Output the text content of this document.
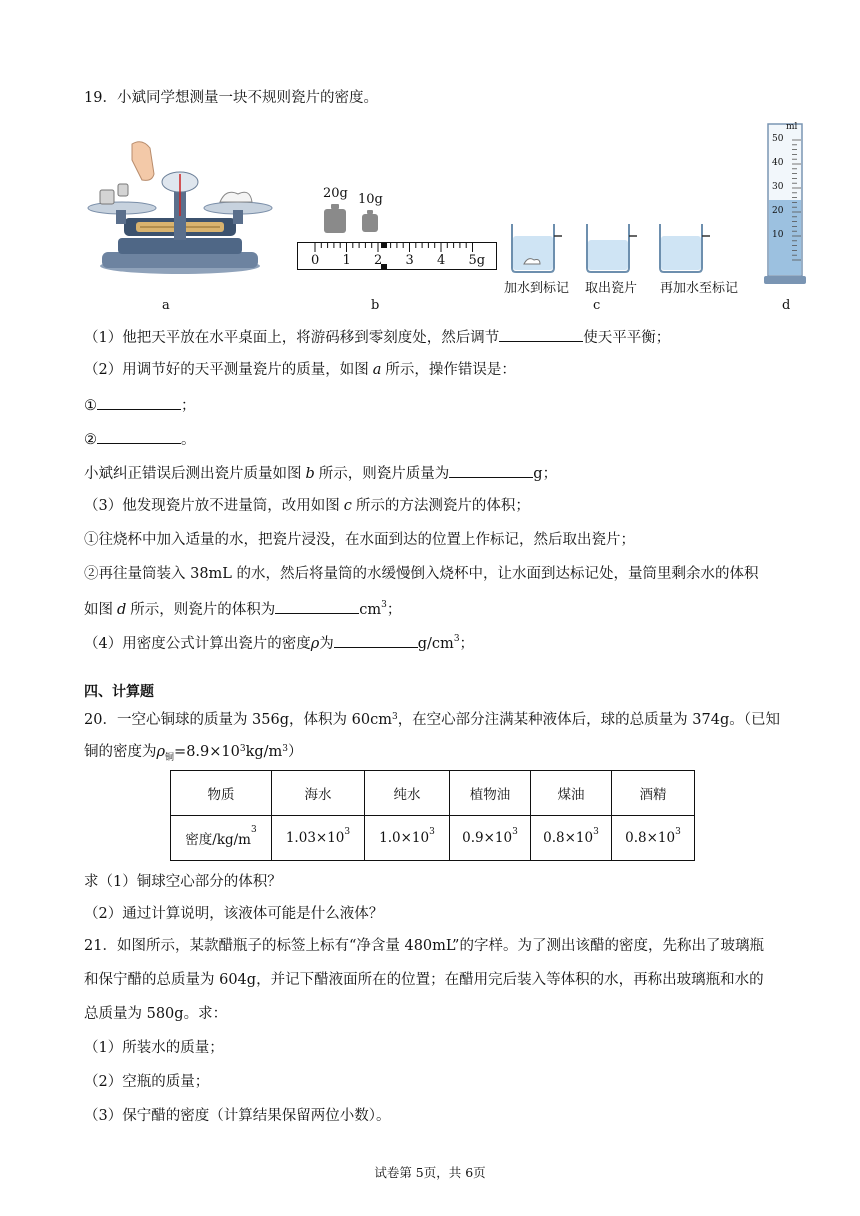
19．小斌同学想测量一块不规则瓷片的密度。
a
20g 10g
0 1 2 3 4 5g
b
加水到标记 取出瓷片 再加水至标记
c
ml
50
40
30
20
10
d
（1）他把天平放在水平桌面上，将游码移到零刻度处，然后调节	使天平平衡；
（2）用调节好的天平测量瓷片的质量，如图 a 所示，操作错误是：
①	；
②	。
小斌纠正错误后测出瓷片质量如图 b 所示，则瓷片质量为	g；
（3）他发现瓷片放不进量筒，改用如图 c 所示的方法测瓷片的体积；
①往烧杯中加入适量的水，把瓷片浸没，在水面到达的位置上作标记，然后取出瓷片；
②再往量筒装入 38mL 的水，然后将量筒的水缓慢倒入烧杯中，让水面到达标记处，量筒里剩余水的体积
如图 d 所示，则瓷片的体积为	$cm^3$；
（4）用密度公式计算出瓷片的密度ρ为	$g/cm^3$；
四、计算题
20．一空心铜球的质量为 356g，体积为 $60cm^3$，在空心部分注满某种液体后，球的总质量为 374g。（已知
铜的密度为$\rho_铜=8.9\times 10^3kg/m^3$）
物质	海水	纯水	植物油	煤油	酒精
密度$/kg/m^3$	$1.03\times 10^3$	$1.0\times 10^3$	$0.9\times 10^3$	$0.8\times 10^3$	$0.8\times 10^3$
求（1）铜球空心部分的体积？
（2）通过计算说明，该液体可能是什么液体？
21．如图所示，某款醋瓶子的标签上标有“净含量 480mL”的字样。为了测出该醋的密度，先称出了玻璃瓶
和保宁醋的总质量为 604g，并记下醋液面所在的位置；在醋用完后装入等体积的水，再称出玻璃瓶和水的
总质量为 580g。求：
（1）所装水的质量；
（2）空瓶的质量；
（3）保宁醋的密度（计算结果保留两位小数）。
试卷第 5页，共 6页
